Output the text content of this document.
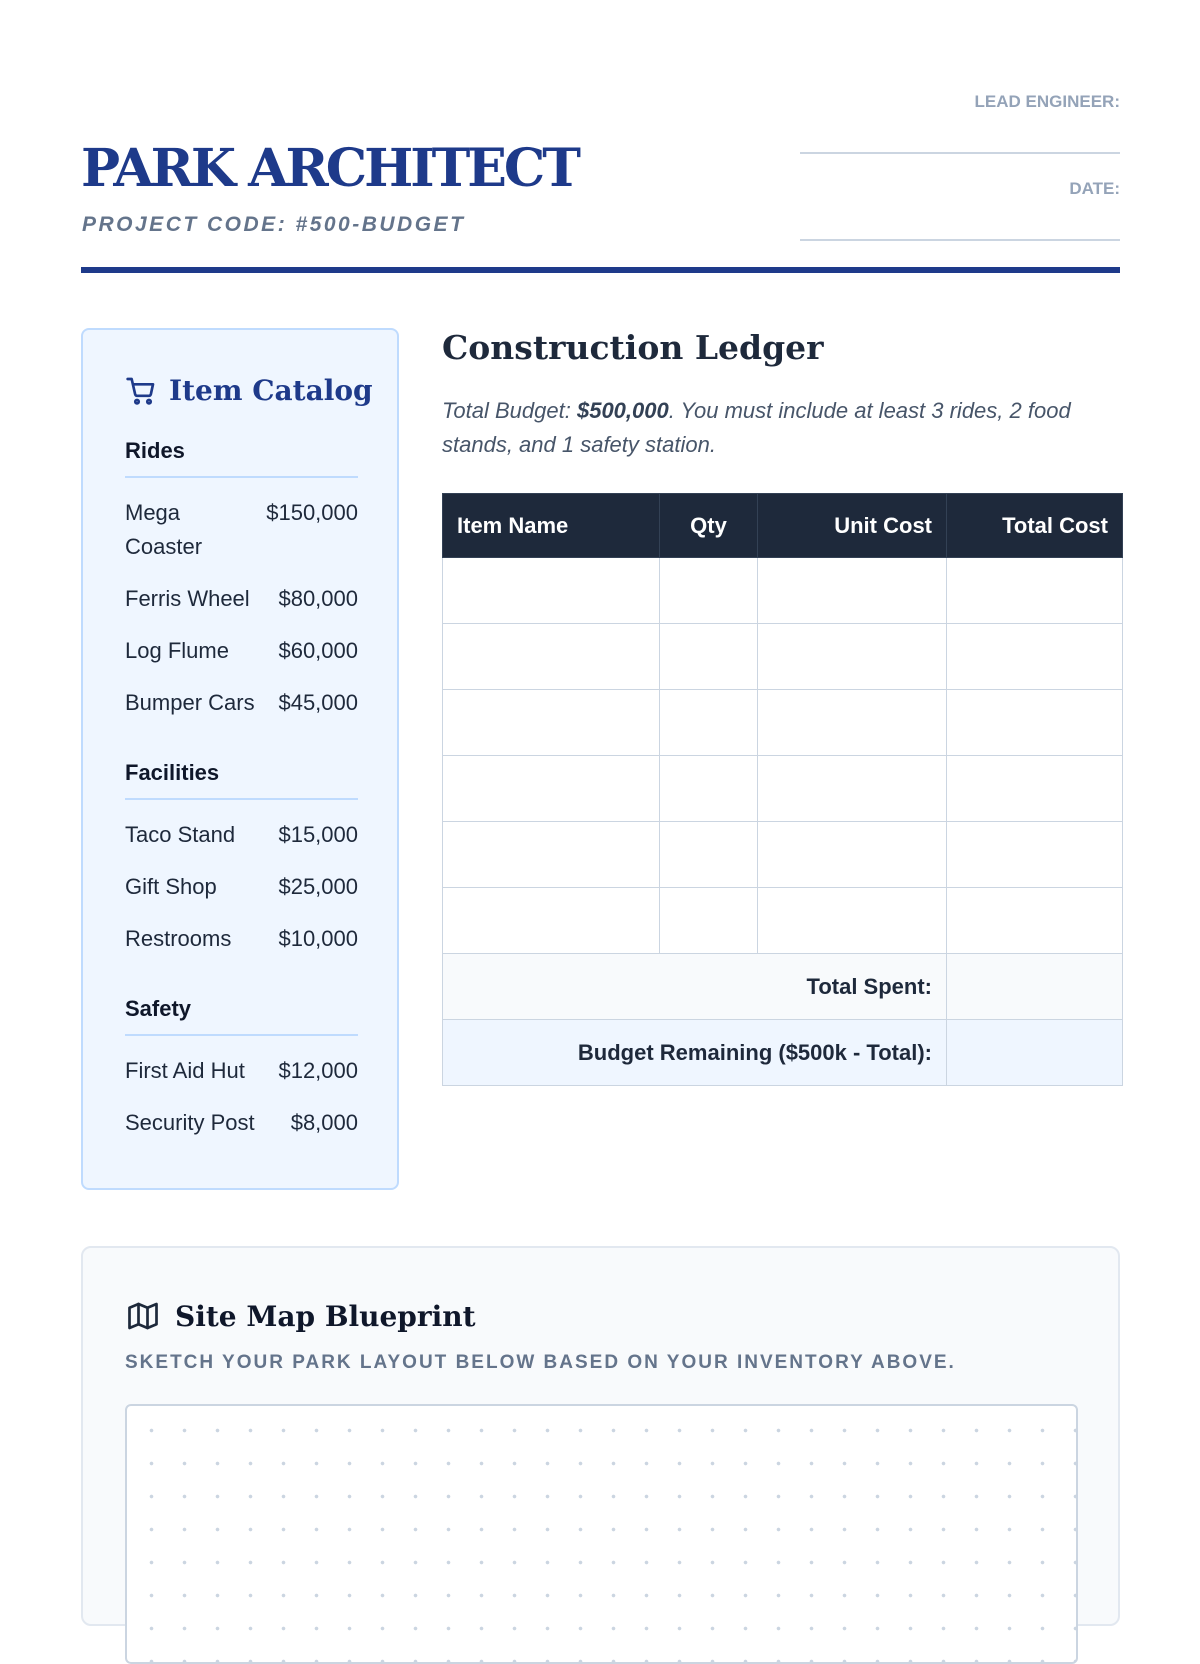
PARK ARCHITECT
PROJECT CODE: #500-BUDGET
LEAD ENGINEER:
DATE:
Item Catalog
Rides
Mega Coaster
$150,000
Ferris Wheel $80,000
Log Flume $60,000
Bumper Cars $45,000
Facilities
Taco Stand $15,000
Gift Shop	$25,000
Restrooms $10,000
Safety
First Aid Hut $12,000
Security Post $8,000
Construction Ledger
Total Budget: $500,000. You must include at least 3 rides, 2 food stands, and 1 safety station.
Item Name	Qty	Unit Cost	Total Cost

Total Spent:			
Budget Remaining ($500k - Total):			
Site Map Blueprint
SKETCH YOUR PARK LAYOUT BELOW BASED ON YOUR INVENTORY ABOVE.
